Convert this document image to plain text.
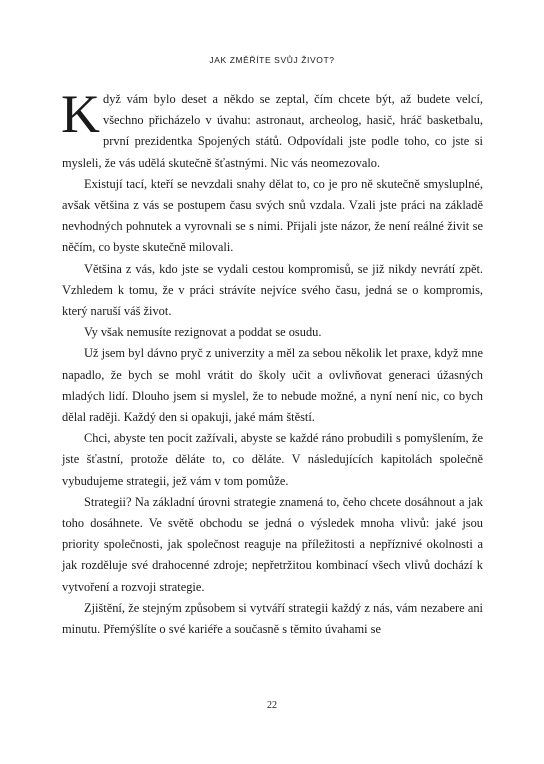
JAK ZMĚŘÍTE SVŮJ ŽIVOT?

Když vám bylo deset a někdo se zeptal, čím chcete být, až budete velcí, všechno přicházelo v úvahu: astronaut, archeolog, hasič, hráč basketbalu, první prezidentka Spojených států. Odpovídali jste podle toho, co jste si mysleli, že vás udělá skutečně šťastnými. Nic vás neomezovalo.

Existují tací, kteří se nevzdali snahy dělat to, co je pro ně skutečně smysluplné, avšak většina z vás se postupem času svých snů vzdala. Vzali jste práci na základě nevhodných pohnutek a vyrovnali se s nimi. Přijali jste názor, že není reálné živit se něčím, co byste skutečně milovali.

Většina z vás, kdo jste se vydali cestou kompromisů, se již nikdy nevrátí zpět. Vzhledem k tomu, že v práci strávíte nejvíce svého času, jedná se o kompromis, který naruší váš život.

Vy však nemusíte rezignovat a poddat se osudu.

Už jsem byl dávno pryč z univerzity a měl za sebou několik let praxe, když mne napadlo, že bych se mohl vrátit do školy učit a ovlivňovat generaci úžasných mladých lidí. Dlouho jsem si myslel, že to nebude možné, a nyní není nic, co bych dělal raději. Každý den si opakuji, jaké mám štěstí.

Chci, abyste ten pocit zažívali, abyste se každé ráno probudili s pomyšlením, že jste šťastní, protože děláte to, co děláte. V následujících kapitolách společně vybudujeme strategii, jež vám v tom pomůže.

Strategii? Na základní úrovni strategie znamená to, čeho chcete dosáhnout a jak toho dosáhnete. Ve světě obchodu se jedná o výsledek mnoha vlivů: jaké jsou priority společnosti, jak společnost reaguje na příležitosti a nepříznivé okolnosti a jak rozděluje své drahocenné zdroje; nepřetržitou kombinací všech vlivů dochází k vytvoření a rozvoji strategie.

Zjištění, že stejným způsobem si vytváří strategii každý z nás, vám nezabere ani minutu. Přemýšlíte o své kariéře a současně s těmito úvahami se

22
